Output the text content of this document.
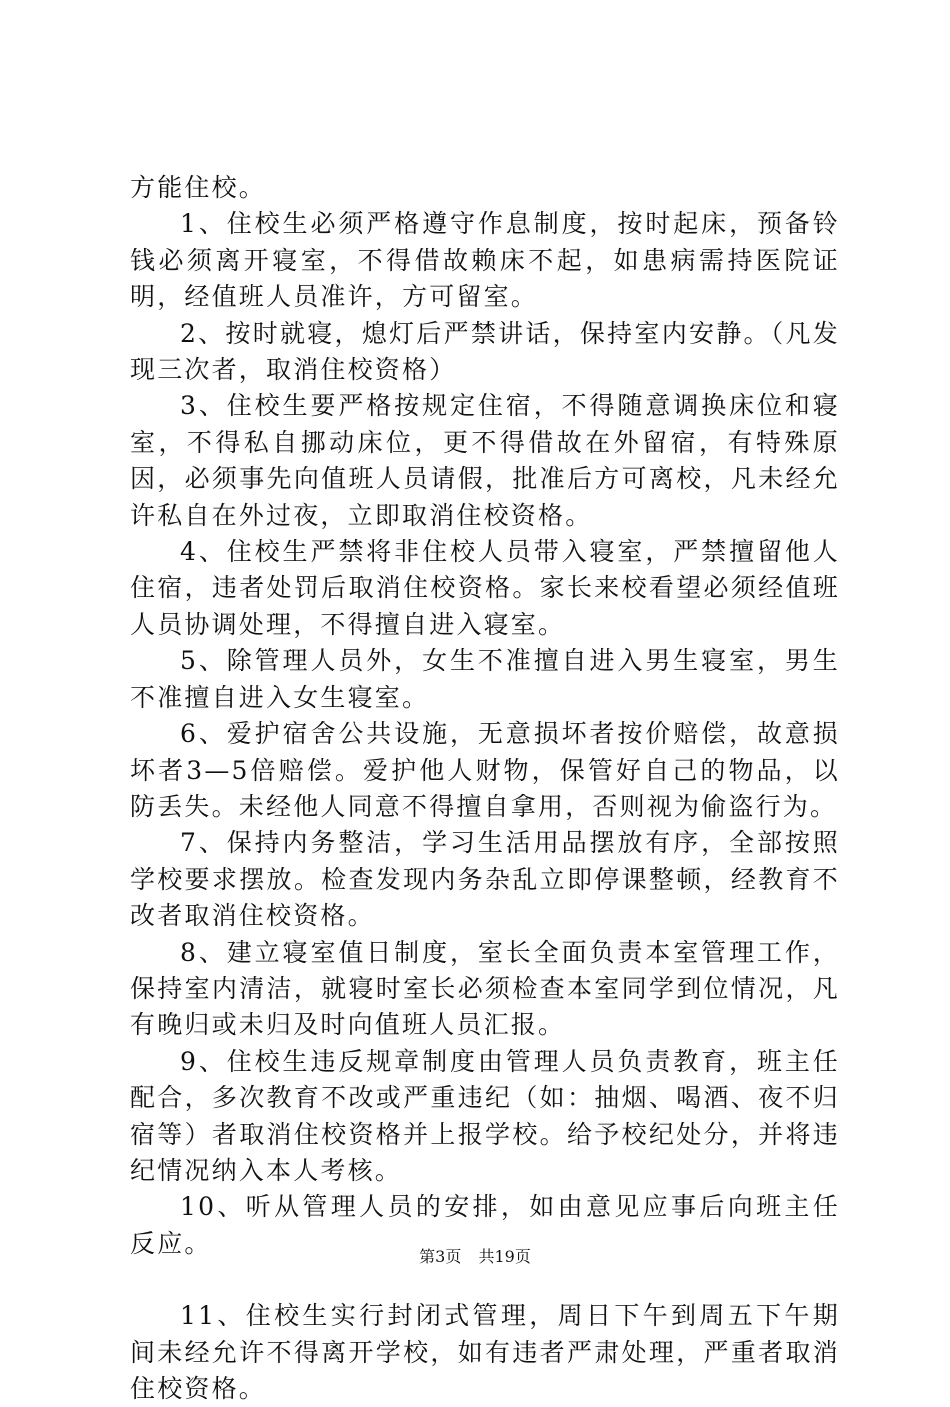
方能住校。

1、住校生必须严格遵守作息制度，按时起床，预备铃钱必须离开寝室，不得借故赖床不起，如患病需持医院证明，经值班人员准许，方可留室。

2、按时就寝，熄灯后严禁讲话，保持室内安静。（凡发现三次者，取消住校资格）

3、住校生要严格按规定住宿，不得随意调换床位和寝室，不得私自挪动床位，更不得借故在外留宿，有特殊原因，必须事先向值班人员请假，批准后方可离校，凡未经允许私自在外过夜，立即取消住校资格。

4、住校生严禁将非住校人员带入寝室，严禁擅留他人住宿，违者处罚后取消住校资格。家长来校看望必须经值班人员协调处理，不得擅自进入寝室。

5、除管理人员外，女生不准擅自进入男生寝室，男生不准擅自进入女生寝室。

6、爱护宿舍公共设施，无意损坏者按价赔偿，故意损坏者3—5倍赔偿。爱护他人财物，保管好自己的物品，以防丢失。未经他人同意不得擅自拿用，否则视为偷盗行为。

7、保持内务整洁，学习生活用品摆放有序，全部按照学校要求摆放。检查发现内务杂乱立即停课整顿，经教育不改者取消住校资格。

8、建立寝室值日制度，室长全面负责本室管理工作，保持室内清洁，就寝时室长必须检查本室同学到位情况，凡有晚归或未归及时向值班人员汇报。

9、住校生违反规章制度由管理人员负责教育，班主任配合，多次教育不改或严重违纪（如：抽烟、喝酒、夜不归宿等）者取消住校资格并上报学校。给予校纪处分，并将违纪情况纳入本人考核。

10、听从管理人员的安排，如由意见应事后向班主任反应。

11、住校生实行封闭式管理，周日下午到周五下午期间未经允许不得离开学校，如有违者严肃处理，严重者取消住校资格。

第3页 共19页
